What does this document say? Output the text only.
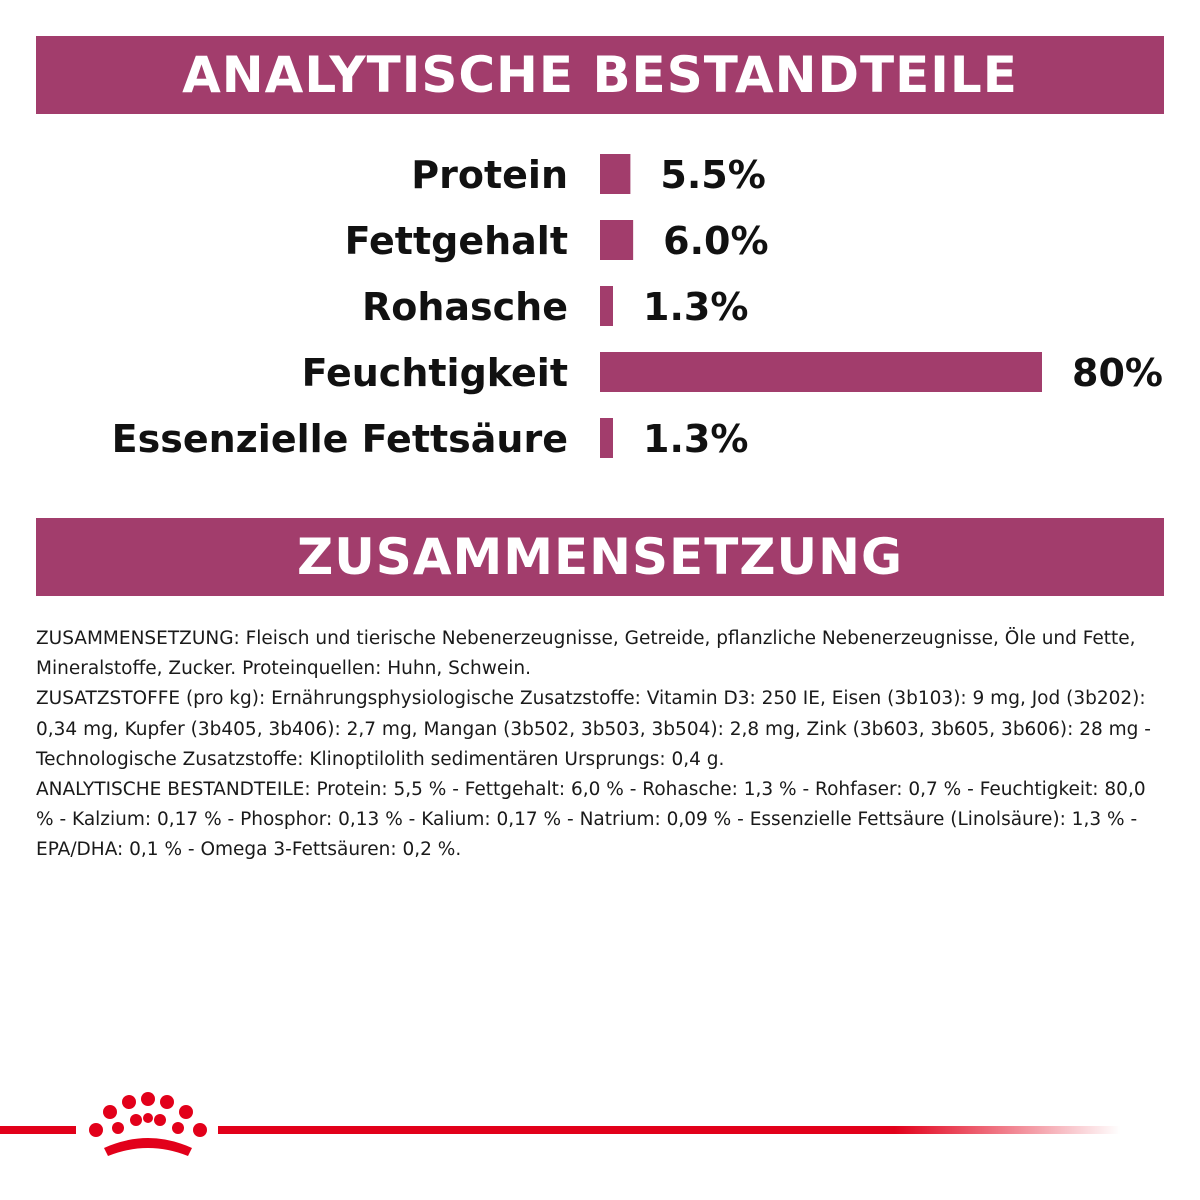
ANALYTISCHE BESTANDTEILE
Protein 5.5%
Fettgehalt	6.0%
Rohasche 1.3%
Feuchtigkeit	80%
Essenzielle Fettsäure 1.3%
ZUSAMMENSETZUNG

ZUSAMMENSETZUNG: Fleisch und tierische Nebenerzeugnisse, Getreide, pflanzliche Nebenerzeugnisse, Öle und Fette, Mineralstoffe, Zucker. Proteinquellen: Huhn, Schwein.

ZUSATZSTOFFE (pro kg): Ernährungsphysiologische Zusatzstoffe: Vitamin D3: 250 IE, Eisen (3b103): 9 mg, Jod (3b202): 0,34 mg, Kupfer (3b405, 3b406): 2,7 mg, Mangan (3b502, 3b503, 3b504): 2,8 mg, Zink (3b603, 3b605, 3b606): 28 mg - Technologische Zusatzstoffe: Klinoptilolith sedimentären Ursprungs: 0,4 g.

ANALYTISCHE BESTANDTEILE: Protein: 5,5 % - Fettgehalt: 6,0 % - Rohasche: 1,3 % - Rohfaser: 0,7 % - Feuchtigkeit: 80,0 % - Kalzium: 0,17 % - Phosphor: 0,13 % - Kalium: 0,17 % - Natrium: 0,09 % - Essenzielle Fettsäure (Linolsäure): 1,3 % - EPA/DHA: 0,1 % - Omega 3-Fettsäuren: 0,2 %.
